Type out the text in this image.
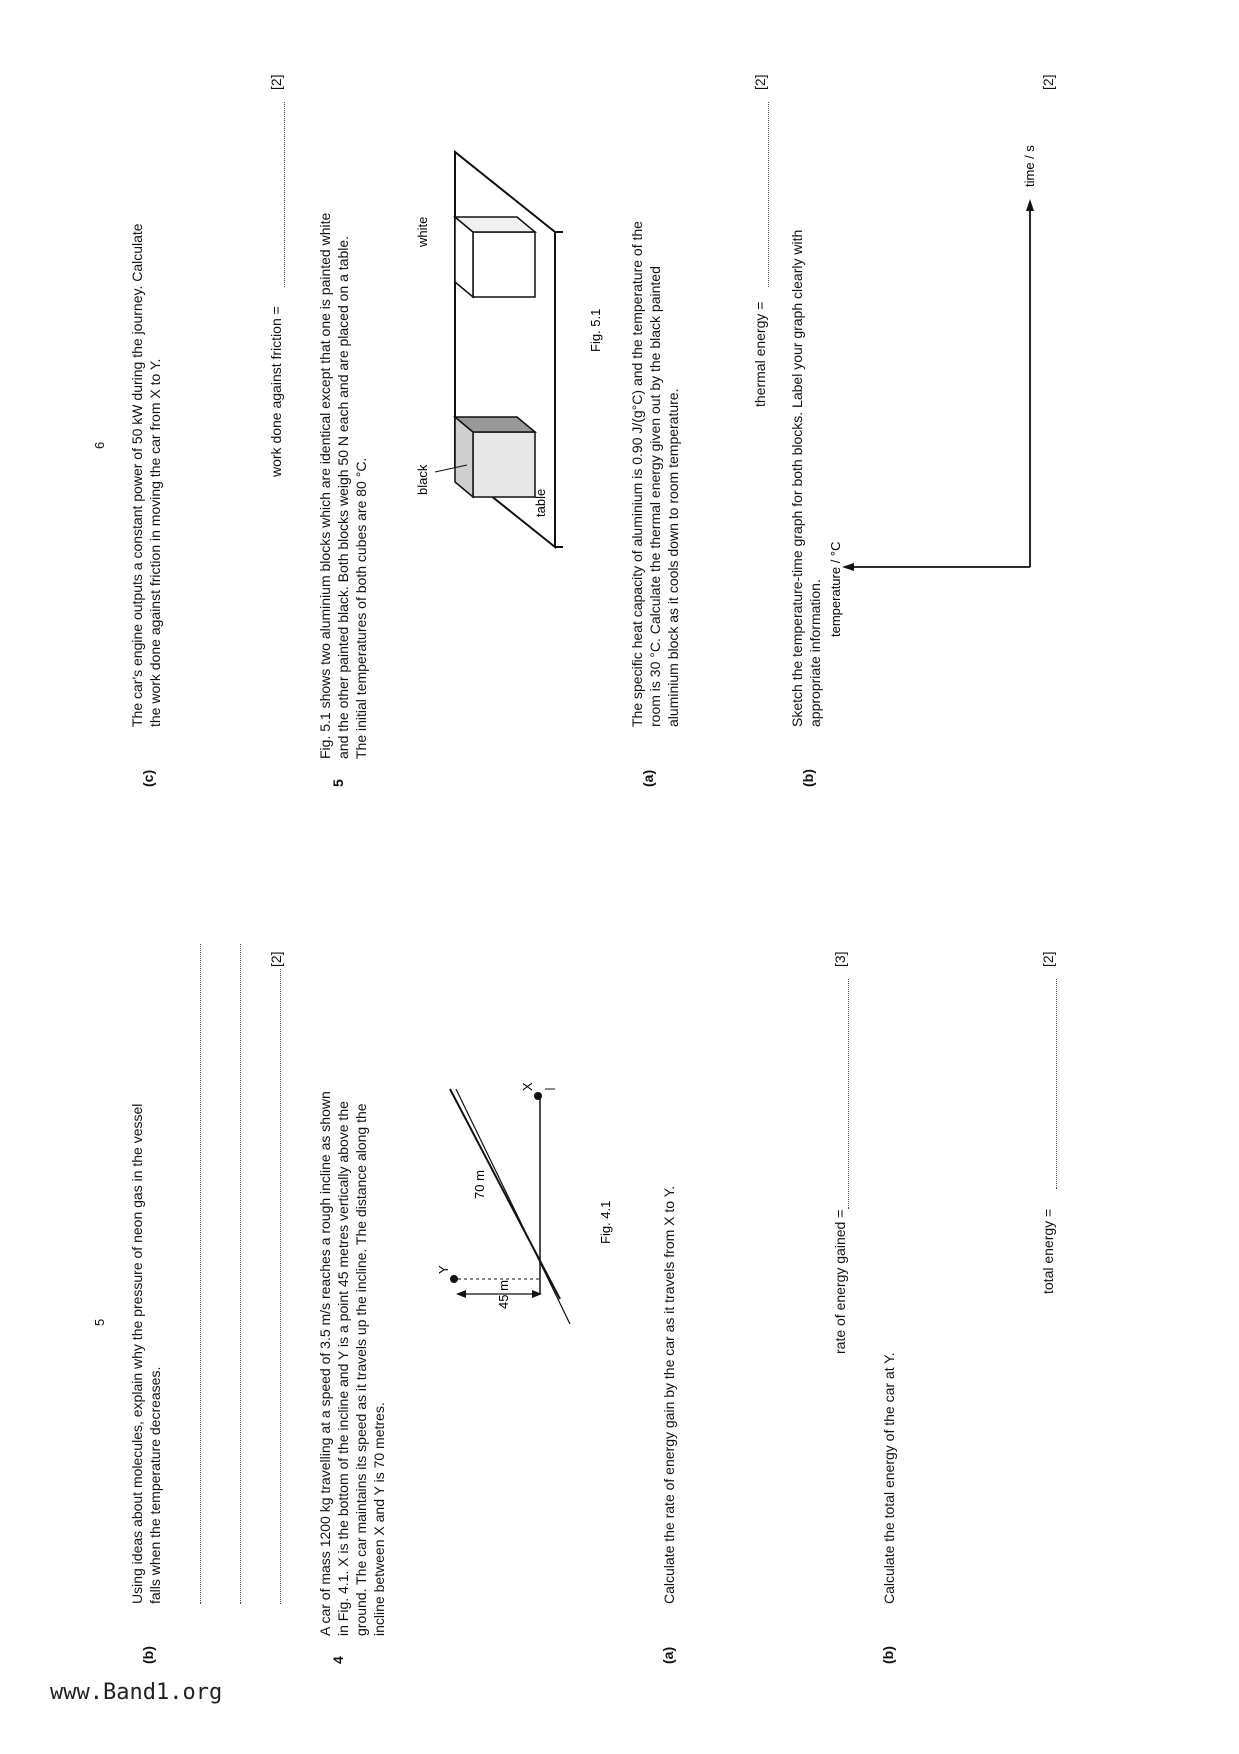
5
(b)
Using ideas about molecules, explain why the pressure of neon gas in the vessel falls when the temperature decreases.
[2]
4
A car of mass 1200 kg travelling at a speed of 3.5 m/s reaches a rough incline as shown in Fig. 4.1. X is the bottom of the incline and Y is a point 45 metres vertically above the ground. The car maintains its speed as it travels up the incline. The distance along the incline between X and Y is 70 metres.
45 m
70 m
Y
X
Fig. 4.1
(a)
Calculate the rate of energy gain by the car as it travels from X to Y.	rate of energy gained =
[3]
(b)
Calculate the total energy of the car at Y.
total energy =
[2]
6
(c)
The car's engine outputs a constant power of 50 kW during the journey. Calculate the work done against friction in moving the car from X to Y.	work done against friction =
[2]
5
Fig. 5.1 shows two aluminium blocks which are identical except that one is painted white and the other painted black. Both blocks weigh 50 N each and are placed on a table. The initial temperatures of both cubes are 80 °C.	black
white
table
Fig. 5.1
(a)
The specific heat capacity of aluminium is 0.90 J/(g°C) and the temperature of the room is 30 °C. Calculate the thermal energy given out by the black painted aluminium block as it cools down to room temperature.
thermal energy =
[2]
(b)
Sketch the temperature-time graph for both blocks. Label your graph clearly with appropriate information. temperature / °C
time / s
[2]
www.Band1.org
